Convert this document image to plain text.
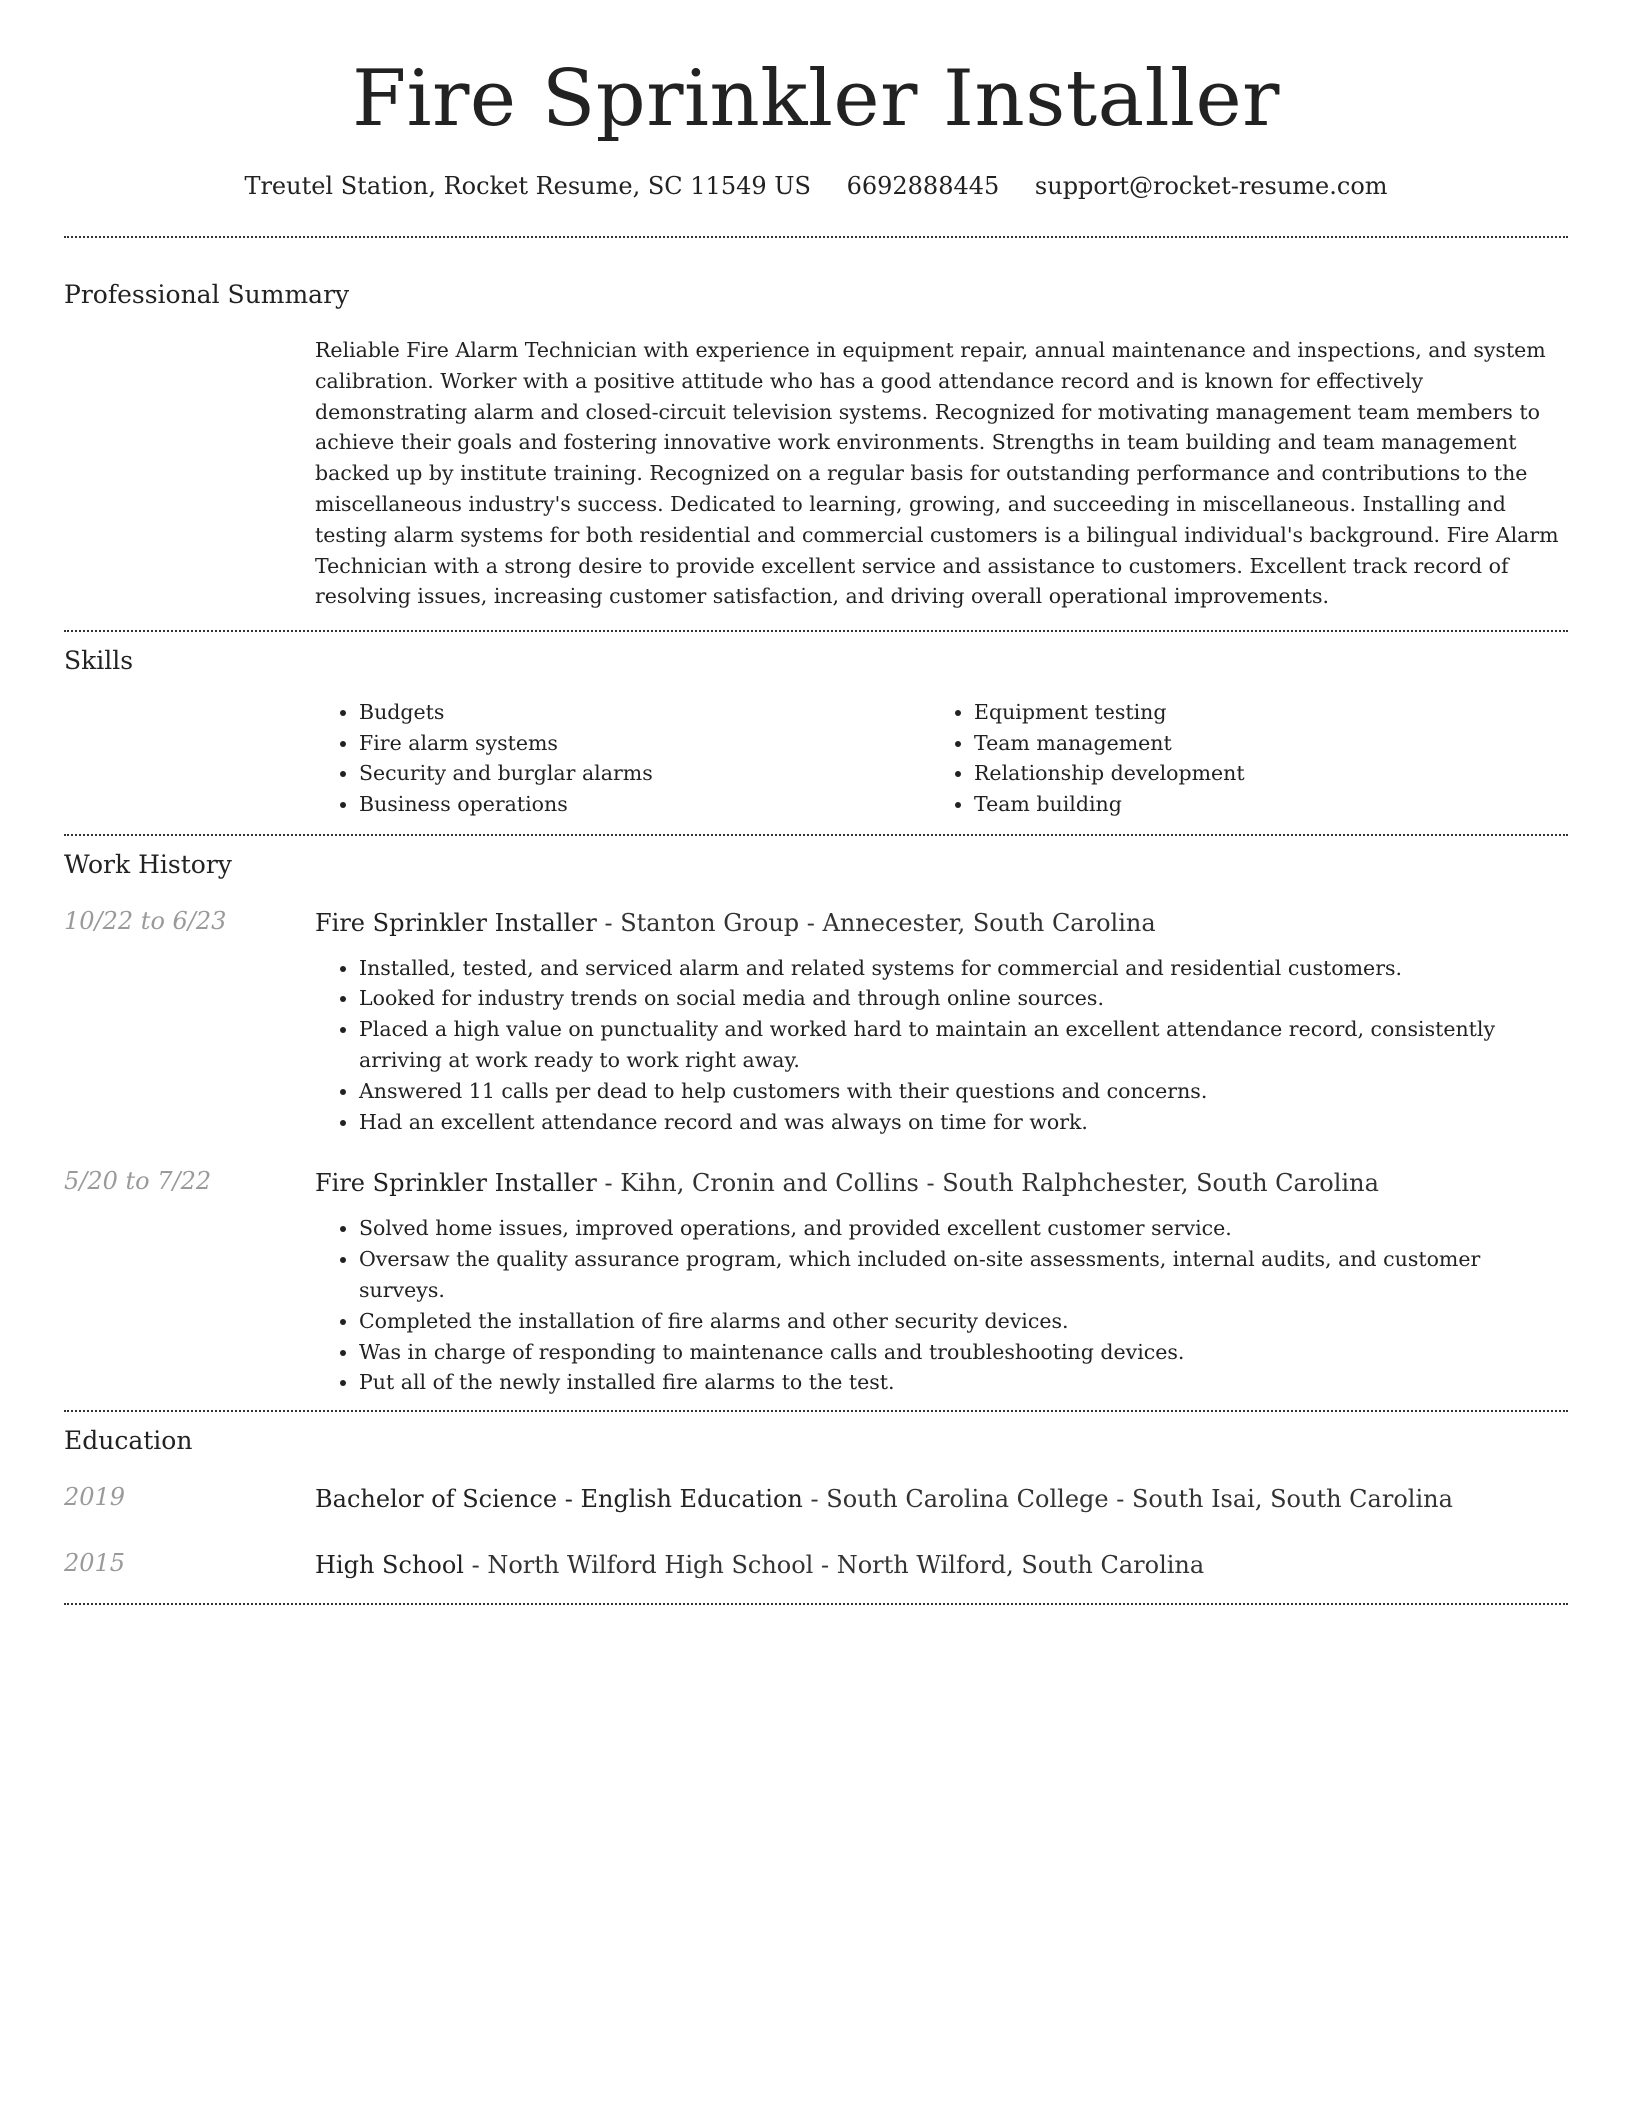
Fire Sprinkler Installer
Treutel Station, Rocket Resume, SC 11549 US 6692888445 support@rocket-resume.com
Professional Summary
Reliable Fire Alarm Technician with experience in equipment repair, annual maintenance and inspections, and system calibration. Worker with a positive attitude who has a good attendance record and is known for effectively demonstrating alarm and closed-circuit television systems. Recognized for motivating management team members to achieve their goals and fostering innovative work environments. Strengths in team building and team management backed up by institute training. Recognized on a regular basis for outstanding performance and contributions to the miscellaneous industry's success. Dedicated to learning, growing, and succeeding in miscellaneous. Installing and testing alarm systems for both residential and commercial customers is a bilingual individual's background. Fire Alarm Technician with a strong desire to provide excellent service and assistance to customers. Excellent track record of resolving issues, increasing customer satisfaction, and driving overall operational improvements.
Skills
• Budgets
• Fire alarm systems
• Security and burglar alarms
• Business operations
• Equipment testing
• Team management
• Relationship development
• Team building
Work History
10/22 to 6/23	Fire Sprinkler Installer - Stanton Group - Annecester, South Carolina
• Installed, tested, and serviced alarm and related systems for commercial and residential customers.
• Looked for industry trends on social media and through online sources.
• Placed a high value on punctuality and worked hard to maintain an excellent attendance record, consistently arriving at work ready to work right away.
• Answered 11 calls per dead to help customers with their questions and concerns.
• Had an excellent attendance record and was always on time for work.
5/20 to 7/22	Fire Sprinkler Installer - Kihn, Cronin and Collins - South Ralphchester, South Carolina
• Solved home issues, improved operations, and provided excellent customer service.
• Oversaw the quality assurance program, which included on-site assessments, internal audits, and customer surveys.
• Completed the installation of fire alarms and other security devices.
• Was in charge of responding to maintenance calls and troubleshooting devices.
• Put all of the newly installed fire alarms to the test.
Education
2019	Bachelor of Science - English Education - South Carolina College - South Isai, South Carolina
2015	High School - North Wilford High School - North Wilford, South Carolina
